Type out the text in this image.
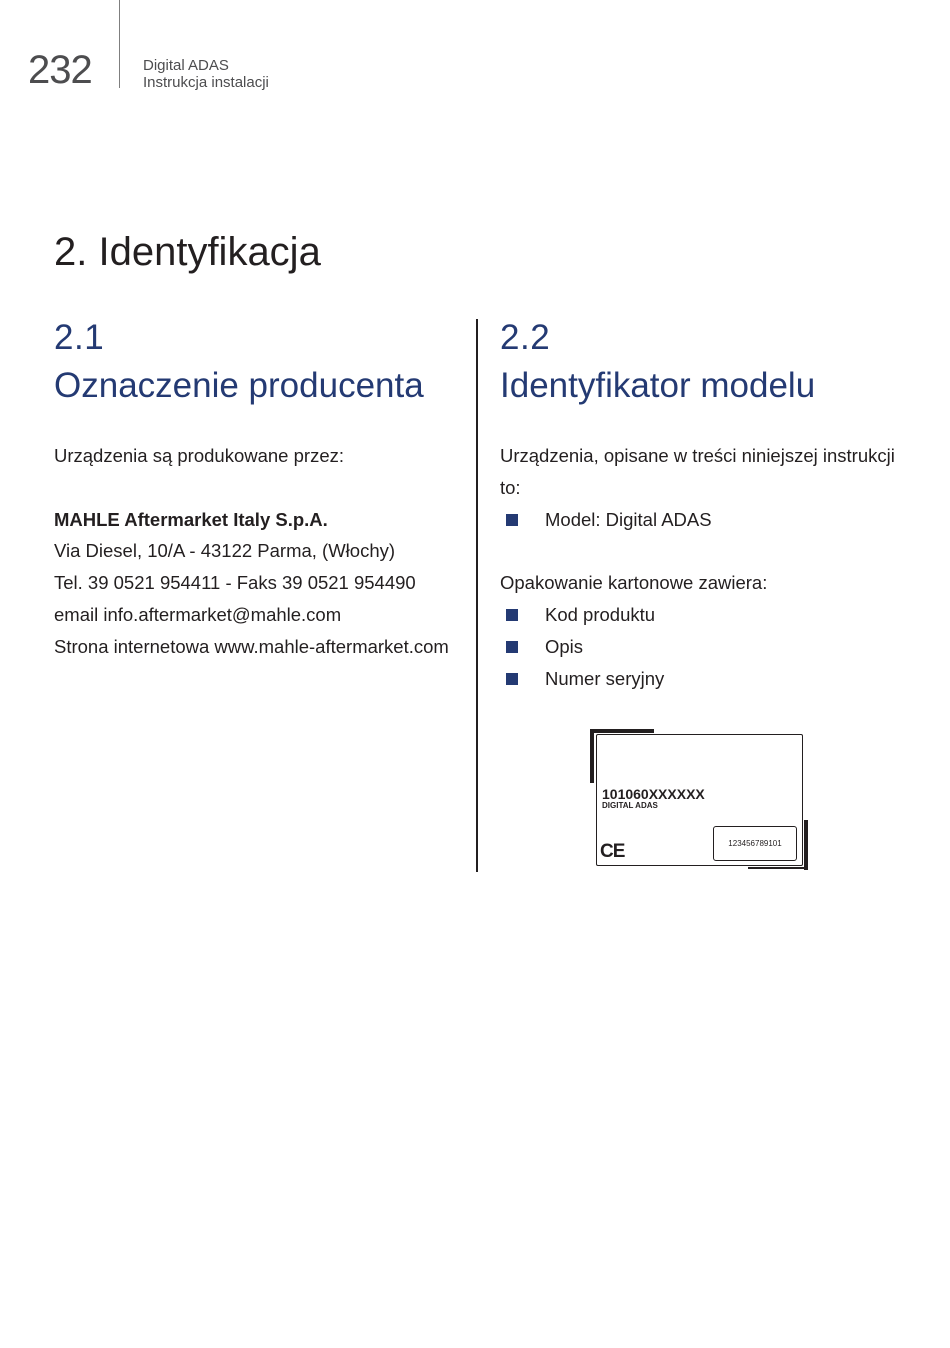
232	Digital ADAS
Instrukcja instalacji
2. Identyfikacja
2.1
Oznaczenie producenta

Urządzenia są produkowane przez:

MAHLE Aftermarket Italy S.p.A.

Via Diesel, 10/A - 43122 Parma, (Włochy)

Tel. 39 0521 954411 - Faks 39 0521 954490

email info.aftermarket@mahle.com

Strona internetowa www.mahle-aftermarket.com

2.2
Identyfikator modelu

Urządzenia, opisane w treści niniejszej instrukcji to:

Model: Digital ADAS

Opakowanie kartonowe zawiera:

Kod produktu
Opis
Numer seryjny
101060XXXXXX
DIGITAL ADAS
CE	123456789101
